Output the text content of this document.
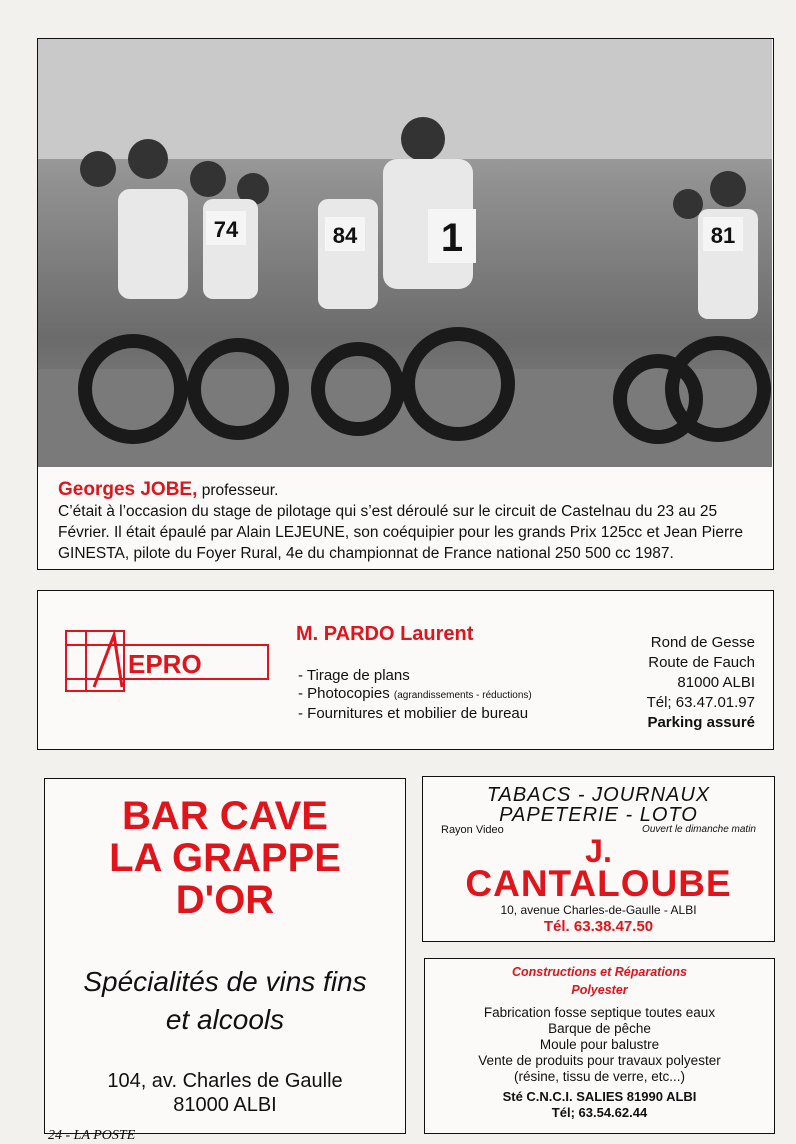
74	84 1	81
Georges JOBE, professeur.
C’était à l’occasion du stage de pilotage qui s’est déroulé sur le circuit de Castelnau du 23 au 25 Février. Il était épaulé par Alain LEJEUNE, son coéquipier pour les grands Prix 125cc et Jean Pierre GINESTA, pilote du Foyer Rural, 4e du championnat de France national 250 500 cc 1987.
EPRO
M. PARDO Laurent
- Tirage de plans
- Photocopies (agrandissements - réductions)
- Fournitures et mobilier de bureau
Rond de Gesse
Route de Fauch
81000 ALBI
Tél; 63.47.01.97
Parking assuré
BAR CAVE
LA GRAPPE
D'OR
Spécialités de vins fins
et alcools
104, av. Charles de Gaulle
81000 ALBI
TABACS - JOURNAUX
PAPETERIE - LOTO
Rayon Video	Ouvert le dimanche matin
J.
CANTALOUBE
10, avenue Charles-de-Gaulle - ALBI
Tél. 63.38.47.50
Constructions et Réparations
Polyester
Fabrication fosse septique toutes eaux
Barque de pêche
Moule pour balustre
Vente de produits pour travaux polyester
(résine, tissu de verre, etc...)
Sté C.N.C.I. SALIES 81990 ALBI
Tél; 63.54.62.44
24 - LA POSTE
